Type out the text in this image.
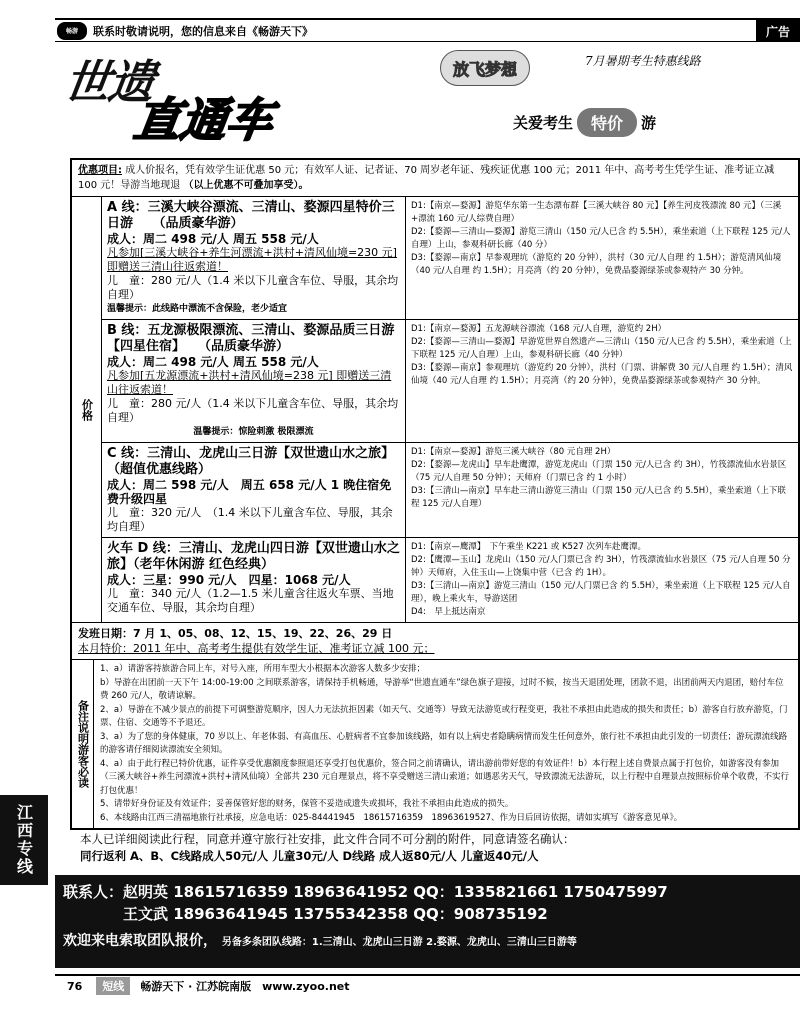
畅游	联系时敬请说明，您的信息来自《畅游天下》	广告
世遗
直通车
放飞梦想	7月暑期考生特惠线路
关爱考生	特价	游
优惠项目: 成人价报名，凭有效学生证优惠 50 元；有效军人证、记者证、70 周岁老年证、残疾证优惠 100 元；2011 年中、高考考生凭学生证、准考证立减 100 元！导游当地现退 （以上优惠不可叠加享受）。
价格
A 线：三溪大峡谷漂流、三清山、婺源四星特价三日游　　（品质豪华游）
成人：周二 498 元/人 周五 558 元/人
凡参加[三溪大峡谷+养生河漂流+洪村+清风仙境=230 元] 即赠送三清山往返索道！
儿　童：280 元/人（1.4 米以下儿童含车位、导服，其余均自理）
温馨提示：此线路中漂流不含保险，老少适宜
D1:【南京—婺源】游览华东第一生态漂布群【三溪大峡谷 80 元】【养生河皮筏漂流 80 元】（三溪+漂流 160 元/人综费自理）
D2:【婺源—三清山—婺源】游览三清山（150 元/人已含 约 5.5H），乘坐索道（上下联程 125 元/人自理）上山，参观科研长廊（40 分）
D3:【婺源—南京】早参观理坑（游览约 20 分钟），洪村（30 元/人自理 约 1.5H）；游览清风仙境（40 元/人自理 约 1.5H）；月亮湾（约 20 分钟），免费品婺源绿茶或参观特产 30 分钟。
B 线：五龙源极限漂流、三清山、婺源品质三日游【四星住宿】　　（品质豪华游）
成人：周二 498 元/人 周五 558 元/人
凡参加[五龙源漂流+洪村+清风仙境=238 元] 即赠送三清山往返索道！
儿　童：280 元/人（1.4 米以下儿童含车位、导服，其余均自理）
温馨提示：惊险刺激 极限漂流
D1:【南京—婺源】五龙源峡谷漂流（168 元/人自理，游览约 2H）
D2:【婺源—三清山—婺源】早游览世界自然遗产—三清山（150 元/人已含 约 5.5H），乘坐索道（上下联程 125 元/人自理）上山，参观科研长廊（40 分钟）
D3:【婺源—南京】参观理坑（游览约 20 分钟），洪村（门票、讲解费 30 元/人自理 约 1.5H）；清风仙境（40 元/人自理 约 1.5H）；月亮湾（约 20 分钟），免费品婺源绿茶或参观特产 30 分钟。
C 线：三清山、龙虎山三日游【双世遗山水之旅】　　（超值优惠线路）
成人：周二 598 元/人　周五 658 元/人 1 晚住宿免费升级四星
儿　童：320 元/人　（1.4 米以下儿童含车位、导服，其余均自理）
D1:【南京—婺源】游览三溪大峡谷（80 元自理 2H）
D2:【婺源—龙虎山】早车赴鹰潭，游览龙虎山（门票 150 元/人已含 约 3H），竹筏漂流仙水岩景区（75 元/人自理 50 分钟）；天师府（门票已含 约 1 小时）
D3:【三清山—南京】早车赴三清山游览三清山（门票 150 元/人已含 约 5.5H），乘坐索道（上下联程 125 元/人自理）
火车 D 线：三清山、龙虎山四日游【双世遗山水之旅】（老年休闲游 红色经典）
成人：三星：990 元/人　四星：1068 元/人
儿　童：340 元/人（1.2—1.5 米儿童含往返火车票、当地交通车位、导服，其余均自理）
D1:【南京—鹰潭】　下午乘坐 K221 或 K527 次列车赴鹰潭。
D2:【鹰潭—玉山】龙虎山（150 元/人门票已含 约 3H），竹筏漂流仙水岩景区（75 元/人自理 50 分钟）天师府，入住玉山—上饶集中营（已含 约 1H）。
D3:【三清山—南京】游览三清山（150 元/人门票已含 约 5.5H），乘坐索道（上下联程 125 元/人自理），晚上乘火车，导游送团
D4:　早上抵达南京
发班日期：7 月 1、05、08、12、15、19、22、26、29 日
本月特价：2011 年中、高考考生提供有效学生证、准考证立减 100 元；
备注说明
游客必读
1、a）请游客持旅游合同上车，对号入座，所用车型大小根据本次游客人数多少安排；
b）导游在出团前一天下午 14:00-19:00 之间联系游客，请保持手机畅通，导游举“世遗直通车”绿色旗子迎接，过时不候，按当天退团处理，团款不退，出团前两天内退团，赔付车位费 260 元/人，敬请谅解。
2、a）导游在不减少景点的前提下可调整游览顺序，因人力无法抗拒因素（如天气、交通等）导致无法游览或行程变更，我社不承担由此造成的损失和责任；b）游客自行放弃游览，门票、住宿、交通等不予退还。
3、a）为了您的身体健康，70 岁以上、年老体弱、有高血压、心脏病者不宜参加该线路，如有以上病史者隐瞒病情而发生任何意外，旅行社不承担由此引发的一切责任；游玩漂流线路的游客请仔细阅读漂流安全须知。
4、a）由于此行程已特价优惠，证件享受优惠额度参照退还享受打包优惠价，签合同之前请确认，请出游前带好您的有效证件！b）本行程上述自费景点属于打包价，如游客没有参加（三溪大峡谷+养生河漂流+洪村+清风仙境）全部共 230 元自理景点，将不享受赠送三清山索道；如遇恶劣天气，导致漂流无法游玩，以上行程中自理景点按照标价单个收费，不实行打包优惠！
5、请带好身份证及有效证件；妥善保管好您的财务，保管不妥造成遗失或损坏，我社不承担由此造成的损失。
6、本线路由江西三清福地旅行社承接，应急电话：025-84441945　18615716359　18963619527、作为日后回访依据，请如实填写《游客意见单》。
江西专线	本人已详细阅读此行程，同意并遵守旅行社安排，此文件合同不可分割的附件，同意请签名确认：
同行返利 A、B、C线路成人50元/人 儿童30元/人 D线路 成人返80元/人 儿童返40元/人
联系人：赵明英 18615716359 18963641952 QQ：1335821661 1750475997
　　　　王文武 18963641945 13755342358 QQ：908735192
欢迎来电索取团队报价， 另备多条团队线路：1.三清山、龙虎山三日游 2.婺源、龙虎山、三清山三日游等
76	短线	畅游天下 · 江苏皖南版　www.zyoo.net
